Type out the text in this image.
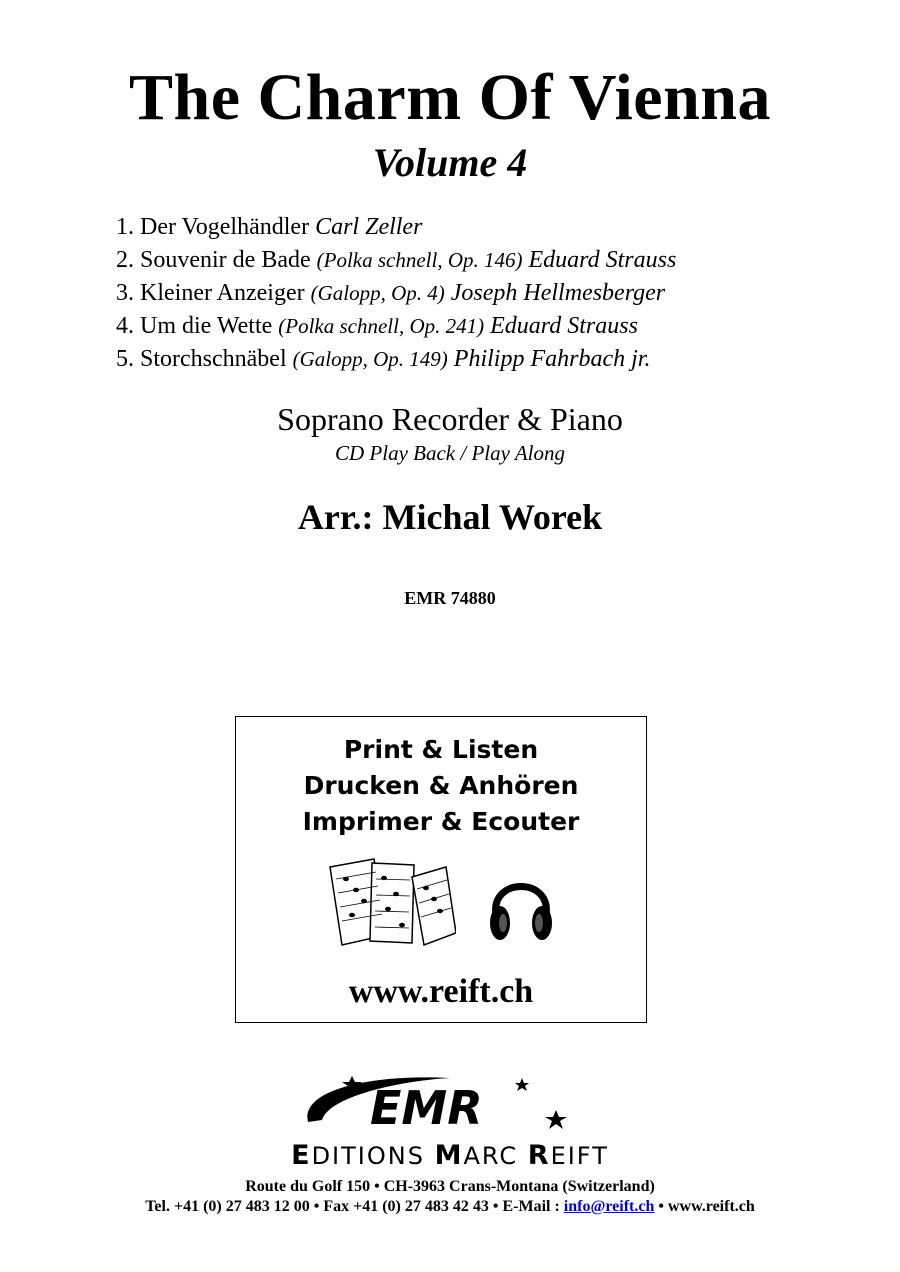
The Charm Of Vienna
Volume 4
1. Der Vogelhändler Carl Zeller
2. Souvenir de Bade (Polka schnell, Op. 146) Eduard Strauss
3. Kleiner Anzeiger (Galopp, Op. 4) Joseph Hellmesberger
4. Um die Wette (Polka schnell, Op. 241) Eduard Strauss
5. Storchschnäbel (Galopp, Op. 149) Philipp Fahrbach jr.
Soprano Recorder & Piano
CD Play Back / Play Along
Arr.: Michal Worek
EMR 74880
Print & Listen
Drucken & Anhören
Imprimer & Ecouter
www.reift.ch
EMR
EDITIONS MARC REIFT
Route du Golf 150 • CH-3963 Crans-Montana (Switzerland)
Tel. +41 (0) 27 483 12 00 • Fax +41 (0) 27 483 42 43 • E-Mail : info@reift.ch • www.reift.ch
